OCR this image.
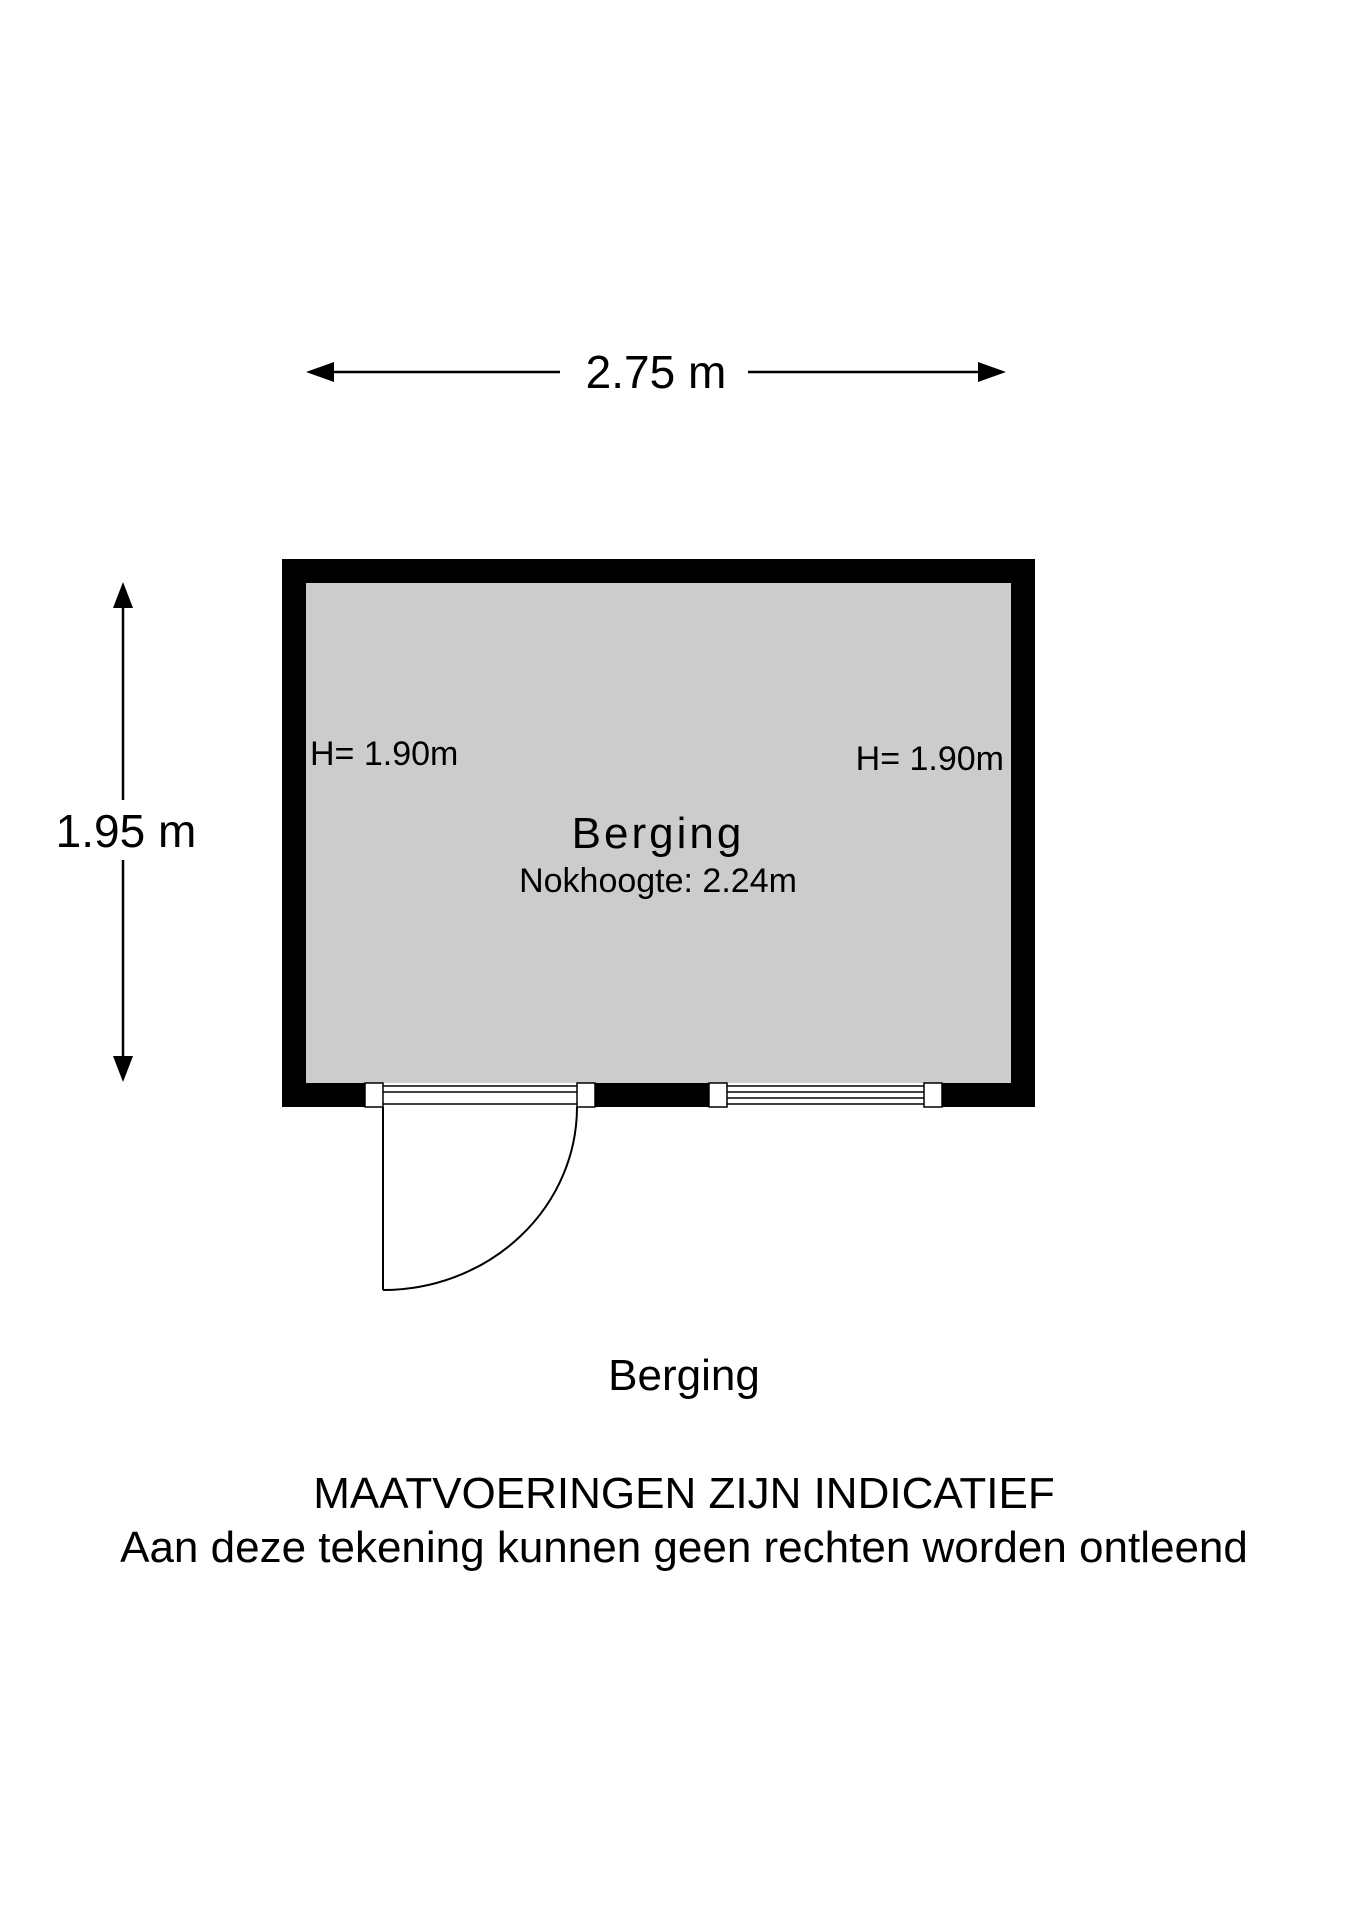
2.75 m
1.95 m
H= 1.90m	H= 1.90m
Berging
Nokhoogte: 2.24m
Berging
MAATVOERINGEN ZIJN INDICATIEF
Aan deze tekening kunnen geen rechten worden ontleend
